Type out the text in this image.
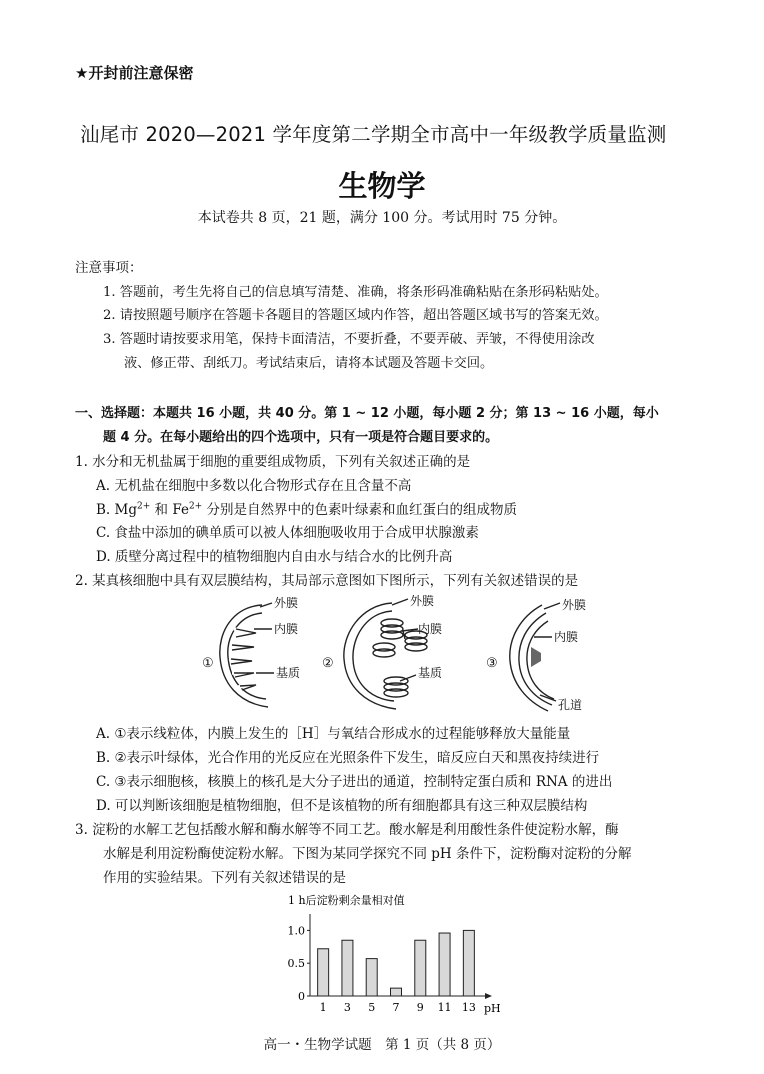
★开封前注意保密
汕尾市 2020—2021 学年度第二学期全市高中一年级教学质量监测
生物学
本试卷共 8 页，21 题，满分 100 分。考试用时 75 分钟。
注意事项：
1. 答题前，考生先将自己的信息填写清楚、准确，将条形码准确粘贴在条形码粘贴处。
2. 请按照题号顺序在答题卡各题目的答题区域内作答，超出答题区域书写的答案无效。
3. 答题时请按要求用笔，保持卡面清洁，不要折叠，不要弄破、弄皱，不得使用涂改
液、修正带、刮纸刀。考试结束后，请将本试题及答题卡交回。
一、选择题：本题共 16 小题，共 40 分。第 1 ~ 12 小题，每小题 2 分；第 13 ~ 16 小题，每小
题 4 分。在每小题给出的四个选项中，只有一项是符合题目要求的。
1. 水分和无机盐属于细胞的重要组成物质，下列有关叙述正确的是
A. 无机盐在细胞中多数以化合物形式存在且含量不高
B. $Mg^{2+}$ 和 $Fe^{2+}$ 分别是自然界中的色素叶绿素和血红蛋白的组成物质
C. 食盐中添加的碘单质可以被人体细胞吸收用于合成甲状腺激素
D. 质壁分离过程中的植物细胞内自由水与结合水的比例升高
2. 某真核细胞中具有双层膜结构，其局部示意图如下图所示，下列有关叙述错误的是
①
外膜
内膜
基质
②
外膜
内膜
基质
③
外膜
内膜
孔道
A. ①表示线粒体，内膜上发生的［H］与氧结合形成水的过程能够释放大量能量
B. ②表示叶绿体，光合作用的光反应在光照条件下发生，暗反应白天和黑夜持续进行
C. ③表示细胞核，核膜上的核孔是大分子进出的通道，控制特定蛋白质和 RNA 的进出
D. 可以判断该细胞是植物细胞，但不是该植物的所有细胞都具有这三种双层膜结构
3. 淀粉的水解工艺包括酸水解和酶水解等不同工艺。酸水解是利用酸性条件使淀粉水解，酶
水解是利用淀粉酶使淀粉水解。下图为某同学探究不同 pH 条件下，淀粉酶对淀粉的分解
作用的实验结果。下列有关叙述错误的是
1 h后淀粉剩余量相对值
pH
0
0.5
1.0
1 3 5 7 9 11 13
高一・生物学试题　第 1 页（共 8 页）
